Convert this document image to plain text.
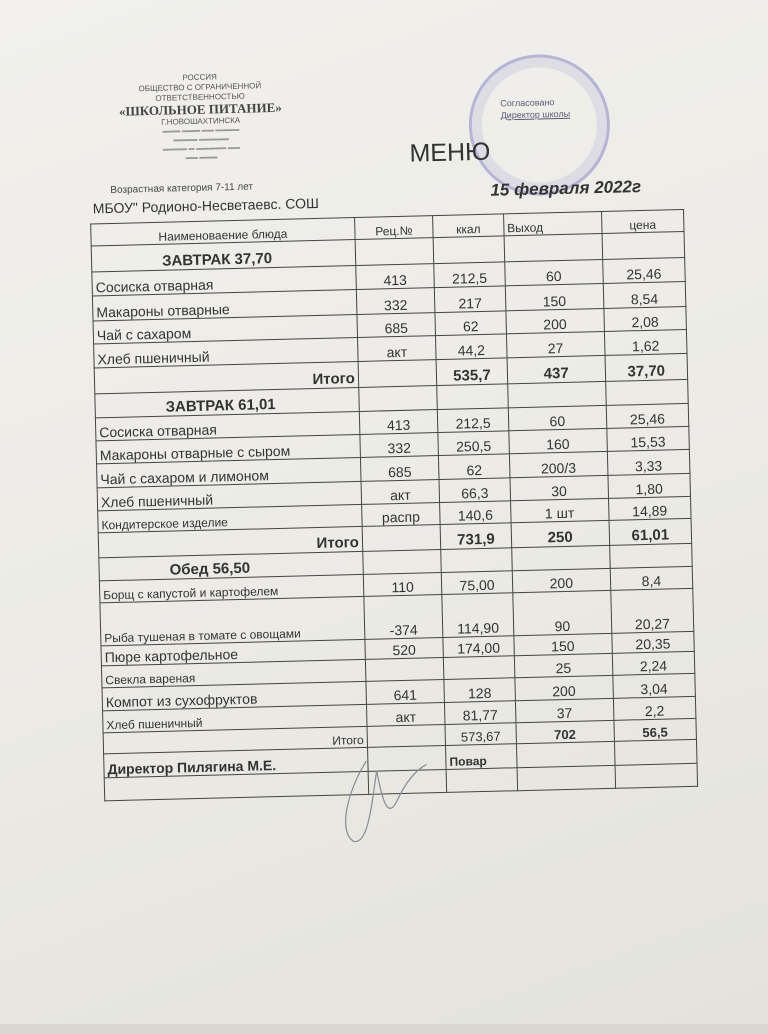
РОССИЯ
ОБЩЕСТВО С ОГРАНИЧЕННОЙ
ОТВЕТСТВЕННОСТЬЮ
«ШКОЛЬНОЕ ПИТАНИЕ»
Г.НОВОШАХТИНСКА
▬▬▬ ▬▬▬ ▬▬ ▬▬▬▬
▬▬▬▬ ▬▬▬▬▬
▬▬▬▬ ▬ ▬▬▬▬▬ ▬▬
▬▬ ▬▬▬
Согласовано
Директор школы
МЕНЮ
Возрастная категория 7-11 лет
МБОУ" Родионо-Несветаевс. СОШ
15 февраля 2022г
Наименоваение блюда	Рец.№	ккал	Выход	цена
ЗАВТРАК 37,70				
Сосиска отварная	413	212,5	60	25,46
Макароны отварные	332	217	150	8,54
Чай с сахаром	685	62	200	2,08
Хлеб пшеничный	акт	44,2	27	1,62
Итого		535,7	437	37,70
ЗАВТРАК 61,01				
Сосиска отварная	413	212,5	60	25,46
Макароны отварные с сыром	332	250,5	160	15,53
Чай с сахаром и лимоном	685	62	200/3	3,33
Хлеб пшеничный	акт	66,3	30	1,80
Кондитерское изделие	распр	140,6	1 шт	14,89
Итого		731,9	250	61,01
Обед 56,50				
Борщ с капустой и картофелем	110	75,00	200	8,4
Рыба тушеная в томате с овощами	-374	114,90	90	20,27
Пюре картофельное	520	174,00	150	20,35
Свекла вареная			25	2,24
Компот из сухофруктов	641	128	200	3,04
Хлеб пшеничный	акт	81,77	37	2,2
Итого		573,67	702	56,5
Директор Пилягина М.Е.		Повар		
